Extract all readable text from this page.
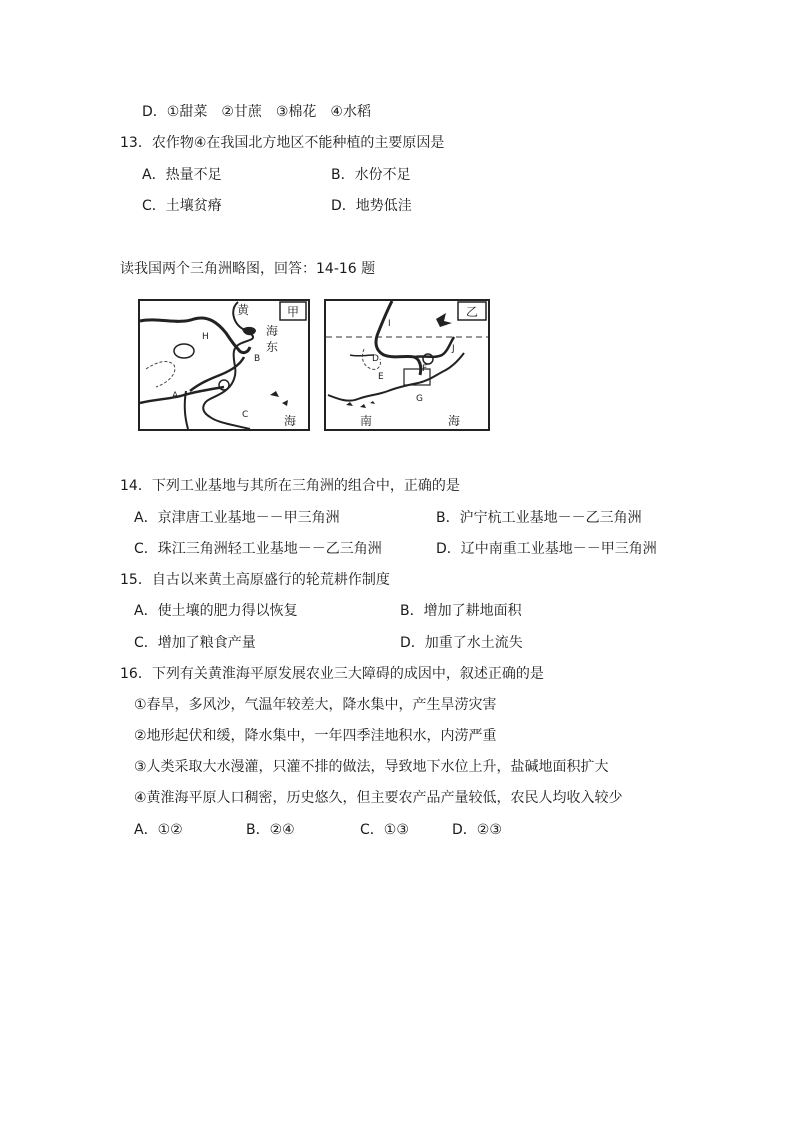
D．①甜菜　②甘蔗　③棉花　④水稻
13．农作物④在我国北方地区不能种植的主要原因是
A．热量不足	B．水份不足
C．土壤贫瘠	D．地势低洼
读我国两个三角洲略图，回答：14-16 题
甲
黄
海
东
海
H
B
A
C
乙
I
D
E
F
G
J
南	海
14．下列工业基地与其所在三角洲的组合中，正确的是
A．京津唐工业基地－－甲三角洲	B．沪宁杭工业基地－－乙三角洲
C．珠江三角洲轻工业基地－－乙三角洲	D．辽中南重工业基地－－甲三角洲
15．自古以来黄土高原盛行的轮荒耕作制度
A．使土壤的肥力得以恢复	B．增加了耕地面积
C．增加了粮食产量	D．加重了水土流失
16．下列有关黄淮海平原发展农业三大障碍的成因中，叙述正确的是
①春旱，多风沙，气温年较差大，降水集中，产生旱涝灾害
②地形起伏和缓，降水集中，一年四季洼地积水，内涝严重
③人类采取大水漫灌，只灌不排的做法，导致地下水位上升，盐碱地面积扩大
④黄淮海平原人口稠密，历史悠久，但主要农产品产量较低，农民人均收入较少
A．①②	B．②④	C．①③	D．②③
